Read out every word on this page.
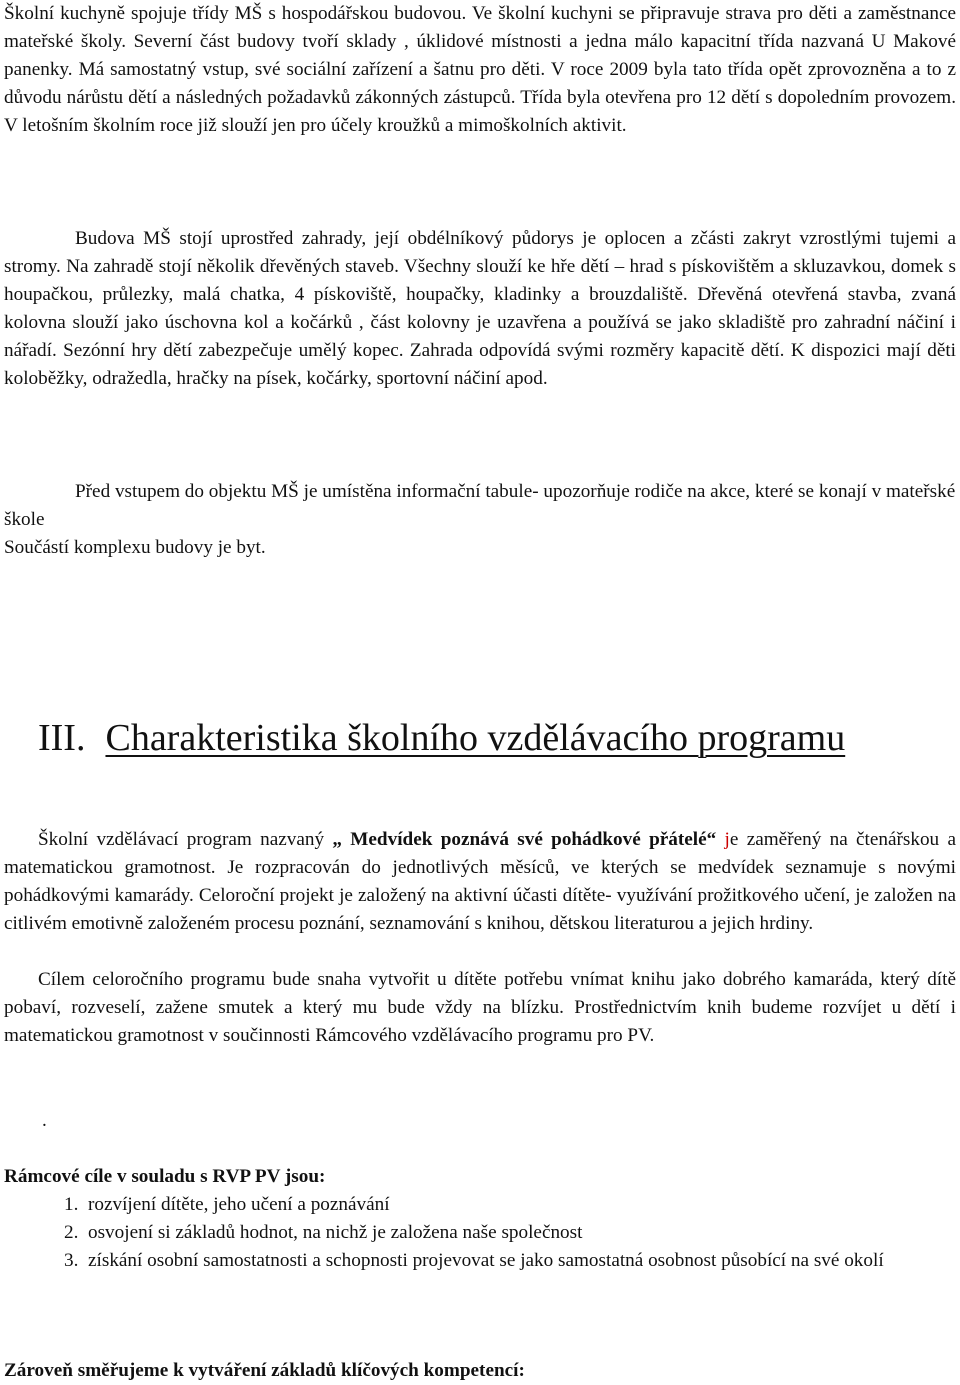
Školní kuchyně spojuje třídy MŠ s hospodářskou budovou. Ve školní kuchyni se připravuje strava pro děti a zaměstnance mateřské školy. Severní část budovy tvoří sklady , úklidové místnosti a jedna málo kapacitní třída nazvaná U Makové panenky. Má samostatný vstup, své sociální zařízení a šatnu pro děti. V roce 2009 byla tato třída opět zprovozněna a to z důvodu nárůstu dětí a následných požadavků zákonných zástupců. Třída byla otevřena pro 12 dětí s dopoledním provozem. V letošním školním roce již slouží jen pro účely kroužků a mimoškolních aktivit.

Budova MŠ stojí uprostřed zahrady, její obdélníkový půdorys je oplocen a zčásti zakryt vzrostlými tujemi a stromy. Na zahradě stojí několik dřevěných staveb. Všechny slouží ke hře dětí – hrad s pískovištěm a skluzavkou, domek s houpačkou, průlezky, malá chatka, 4 pískoviště, houpačky, kladinky a brouzdaliště. Dřevěná otevřená stavba, zvaná kolovna slouží jako úschovna kol a kočárků , část kolovny je uzavřena a používá se jako skladiště pro zahradní náčiní i nářadí. Sezónní hry dětí zabezpečuje umělý kopec. Zahrada odpovídá svými rozměry kapacitě dětí. K dispozici mají děti koloběžky, odražedla, hračky na písek, kočárky, sportovní náčiní apod.

Před vstupem do objektu MŠ je umístěna informační tabule- upozorňuje rodiče na akce, které se konají v mateřské škole

Součástí komplexu budovy je byt.

III. Charakteristika školního vzdělávacího programu

Školní vzdělávací program nazvaný „ Medvídek poznává své pohádkové přátelé“ je zaměřený na čtenářskou a matematickou gramotnost. Je rozpracován do jednotlivých měsíců, ve kterých se medvídek seznamuje s novými pohádkovými kamarády. Celoroční projekt je založený na aktivní účasti dítěte- využívání prožitkového učení, je založen na citlivém emotivně založeném procesu poznání, seznamování s knihou, dětskou literaturou a jejich hrdiny.

Cílem celoročního programu bude snaha vytvořit u dítěte potřebu vnímat knihu jako dobrého kamaráda, který dítě pobaví, rozveselí, zažene smutek a který mu bude vždy na blízku. Prostřednictvím knih budeme rozvíjet u dětí i matematickou gramotnost v součinnosti Rámcového vzdělávacího programu pro PV.

.

Rámcové cíle v souladu s RVP PV jsou:

1. rozvíjení dítěte, jeho učení a poznávání
2. osvojení si základů hodnot, na nichž je založena naše společnost
3. získání osobní samostatnosti a schopnosti projevovat se jako samostatná osobnost působící na své okolí

Zároveň směřujeme k vytváření základů klíčových kompetencí:
